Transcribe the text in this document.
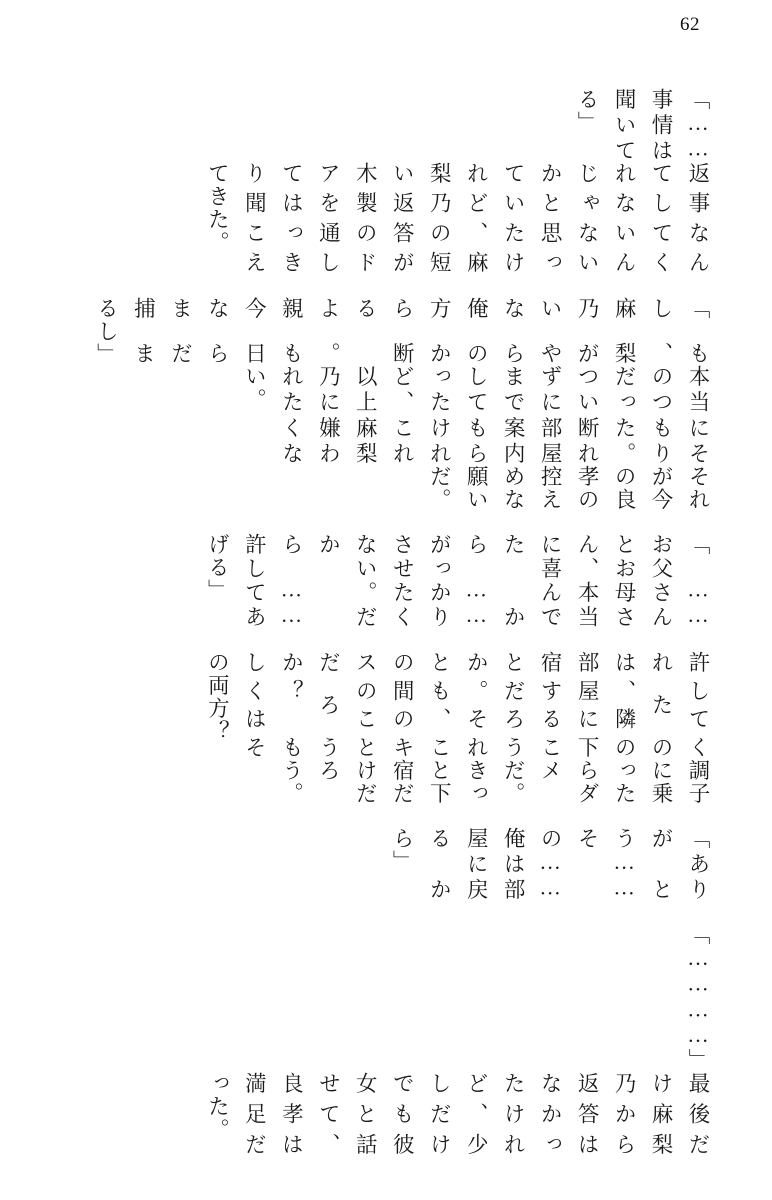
62
「……事情は聞いてる」
返事なんてしてくれないんじゃないかと思っていたけれど、麻梨乃の短い返答が木製のドアを通してはっきり聞こえてきた。
「もし、麻梨乃がいやなら俺の方から断るよ。親も今日ならまだ捕まるし」
本当にそのつもりだった。つい断れずに部屋まで案内してもらったけれど、これ以上麻梨乃に嫌われたくない。
それが今の良孝の控えめな願いだ。
「……お父さんとお母さん、本当に喜んでたから……がっかりさせたくない。だから……許してあげる」
許してくれたのは、隣の部屋に下宿することだろうか。それとも、この間のキスのことだろうか？　もしくはその両方？
調子に乗ったらダメだ。きっと下宿だけだろう。
「ありがとう……その……俺は部屋に戻るから」
「…………」
最後だけ麻梨乃から返答はなかったけれど、少しだけでも彼女と話せて、良孝は満足だった。
